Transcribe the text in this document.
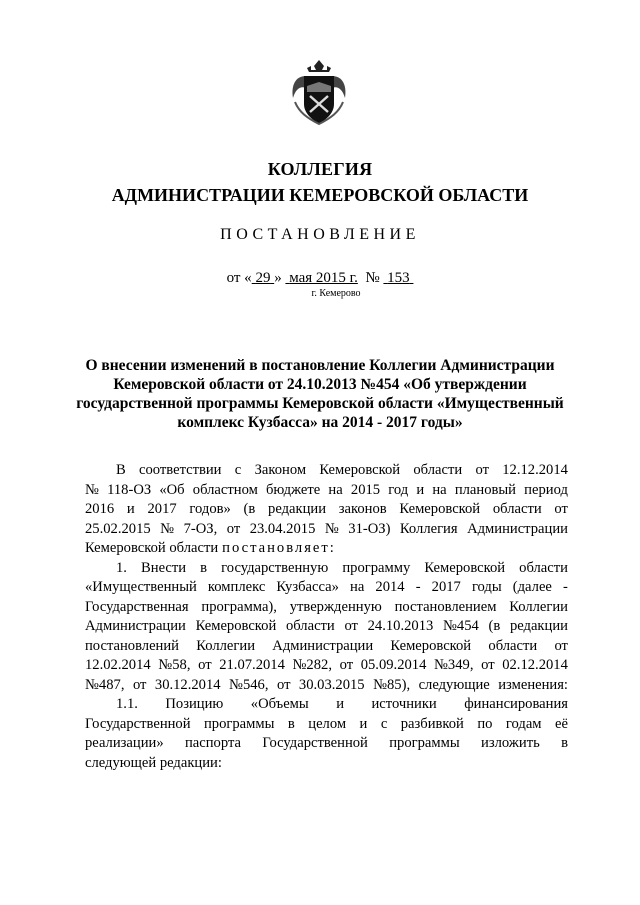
КОЛЛЕГИЯ
АДМИНИСТРАЦИИ КЕМЕРОВСКОЙ ОБЛАСТИ
ПОСТАНОВЛЕНИЕ
от « 29 » мая 2015 г. № 153
г. Кемерово
О внесении изменений в постановление Коллегии Администрации
Кемеровской области от 24.10.2013 №454 «Об утверждении
государственной программы Кемеровской области «Имущественный
комплекс Кузбасса» на 2014 - 2017 годы»
В соответствии с Законом Кемеровской области от 12.12.2014
№ 118-ОЗ «Об областном бюджете на 2015 год и на плановый период
2016 и 2017 годов» (в редакции законов Кемеровской области от
25.02.2015 № 7-ОЗ, от 23.04.2015 № 31-ОЗ) Коллегия Администрации
Кемеровской области постановляет:
1. Внести в государственную программу Кемеровской области
«Имущественный комплекс Кузбасса» на 2014 - 2017 годы (далее -
Государственная программа), утвержденную постановлением Коллегии
Администрации Кемеровской области от 24.10.2013 №454 (в редакции
постановлений Коллегии Администрации Кемеровской области от
12.02.2014 №58, от 21.07.2014 №282, от 05.09.2014 №349, от 02.12.2014
№487, от 30.12.2014 №546, от 30.03.2015 №85), следующие изменения:
1.1. Позицию «Объемы и источники финансирования
Государственной программы в целом и с разбивкой по годам её
реализации» паспорта Государственной программы изложить в
следующей редакции:
